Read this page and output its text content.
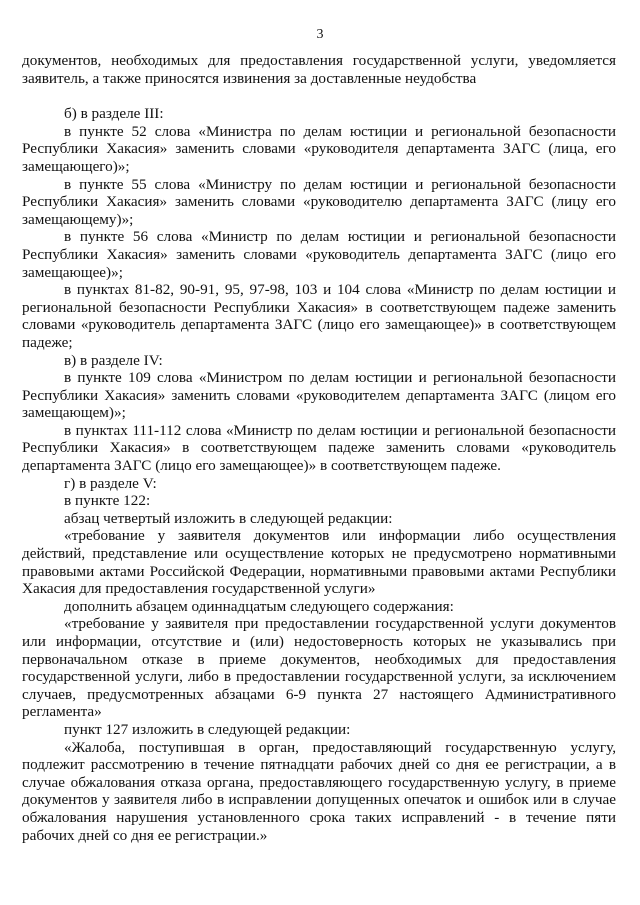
3

документов, необходимых для предоставления государственной услуги, уведомляется заявитель, а также приносятся извинения за доставленные неудобства

б) в разделе III:

в пункте 52 слова «Министра по делам юстиции и региональной безопасности Республики Хакасия» заменить словами «руководителя департамента ЗАГС (лица, его замещающего)»;

в пункте 55 слова «Министру по делам юстиции и региональной безопасности Республики Хакасия» заменить словами «руководителю департамента ЗАГС (лицу его замещающему)»;

в пункте 56 слова «Министр по делам юстиции и региональной безопасности Республики Хакасия» заменить словами «руководитель департамента ЗАГС (лицо его замещающее)»;

в пунктах 81-82, 90-91, 95, 97-98, 103 и 104 слова «Министр по делам юстиции и региональной безопасности Республики Хакасия» в соответствующем падеже заменить словами «руководитель департамента ЗАГС (лицо его замещающее)» в соответствующем падеже;

в) в разделе IV:

в пункте 109 слова «Министром по делам юстиции и региональной безопасности Республики Хакасия» заменить словами «руководителем департамента ЗАГС (лицом его замещающем)»;

в пунктах 111-112 слова «Министр по делам юстиции и региональной безопасности Республики Хакасия» в соответствующем падеже заменить словами «руководитель департамента ЗАГС (лицо его замещающее)» в соответствующем падеже.

г) в разделе V:

в пункте 122:

абзац четвертый изложить в следующей редакции:

«требование у заявителя документов или информации либо осуществления действий, представление или осуществление которых не предусмотрено нормативными правовыми актами Российской Федерации, нормативными правовыми актами Республики Хакасия для предоставления государственной услуги»

дополнить абзацем одиннадцатым следующего содержания:

«требование у заявителя при предоставлении государственной услуги документов или информации, отсутствие и (или) недостоверность которых не указывались при первоначальном отказе в приеме документов, необходимых для предоставления государственной услуги, либо в предоставлении государственной услуги, за исключением случаев, предусмотренных абзацами 6-9 пункта 27 настоящего Административного регламента»

пункт 127 изложить в следующей редакции:

«Жалоба, поступившая в орган, предоставляющий государственную услугу, подлежит рассмотрению в течение пятнадцати рабочих дней со дня ее регистрации, а в случае обжалования отказа органа, предоставляющего государственную услугу, в приеме документов у заявителя либо в исправлении допущенных опечаток и ошибок или в случае обжалования нарушения установленного срока таких исправлений - в течение пяти рабочих дней со дня ее регистрации.»
